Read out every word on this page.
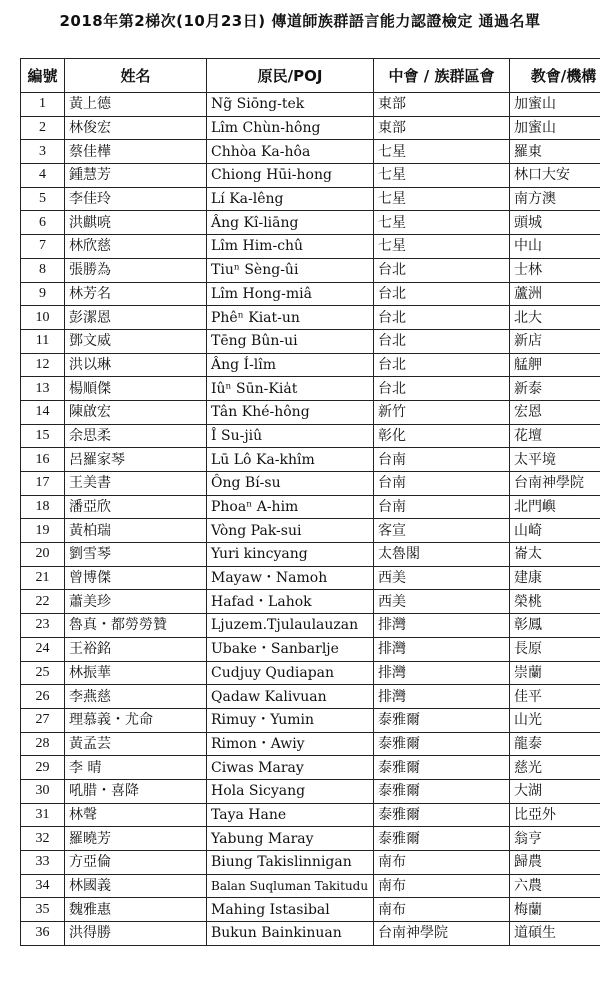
2018年第2梯次(10月23日) 傳道師族群語言能力認證檢定 通過名單
編號	姓名	原民/POJ	中會 / 族群區會	教會/機構
1	黃上德	Ng̃ Siōng-tek	東部	加蜜山
2	林俊宏	Lîm Chùn-hông	東部	加蜜山
3	蔡佳樺	Chhòa Ka-hôa	七星	羅東
4	鍾慧芳	Chiong Hūi-hong	七星	林口大安
5	李佳玲	Lí Ka-lêng	七星	南方澳
6	洪麒喨	Âng Kî-liāng	七星	頭城
7	林欣慈	Lîm Him-chû	七星	中山
8	張勝為	Tiuⁿ Sèng-ûi	台北	士林
9	林芳名	Lîm Hong-miâ	台北	蘆洲
10	彭潔恩	Phêⁿ Kiat-un	台北	北大
11	鄧文威	Tēng Bûn-ui	台北	新店
12	洪以琳	Âng Í-lîm	台北	艋舺
13	楊順傑	Iûⁿ Sūn-Kia̍t	台北	新泰
14	陳啟宏	Tân Khé-hông	新竹	宏恩
15	余思柔	Î Su-jiû	彰化	花壇
16	呂羅家琴	Lū Lô Ka-khîm	台南	太平境
17	王美書	Ông Bí-su	台南	台南神學院
18	潘亞欣	Phoaⁿ A-him	台南	北門嶼
19	黃柏瑞	Vòng Pak-sui	客宣	山崎
20	劉雪琴	Yuri kincyang	太魯閣	崙太
21	曾博傑	Mayaw・Namoh	西美	建康
22	蕭美珍	Hafad・Lahok	西美	榮桃
23	魯真・都勞勞贊	Ljuzem.Tjulaulauzan	排灣	彰鳳
24	王裕銘	Ubake・Sanbarlje	排灣	長原
25	林振華	Cudjuy Qudiapan	排灣	崇蘭
26	李燕慈	Qadaw Kalivuan	排灣	佳平
27	理慕義・尤命	Rimuy・Yumin	泰雅爾	山光
28	黃孟芸	Rimon・Awiy	泰雅爾	龍泰
29	李 晴	Ciwas Maray	泰雅爾	慈光
30	吼腊・喜降	Hola Sicyang	泰雅爾	大湖
31	林聲	Taya Hane	泰雅爾	比亞外
32	羅曉芳	Yabung Maray	泰雅爾	翁亨
33	方亞倫	Biung Takislinnigan	南布	歸農
34	林國義	Balan Suqluman Takitudu	南布	六農
35	魏雅惠	Mahing Istasibal	南布	梅蘭
36	洪得勝	Bukun Bainkinuan	台南神學院	道碩生
